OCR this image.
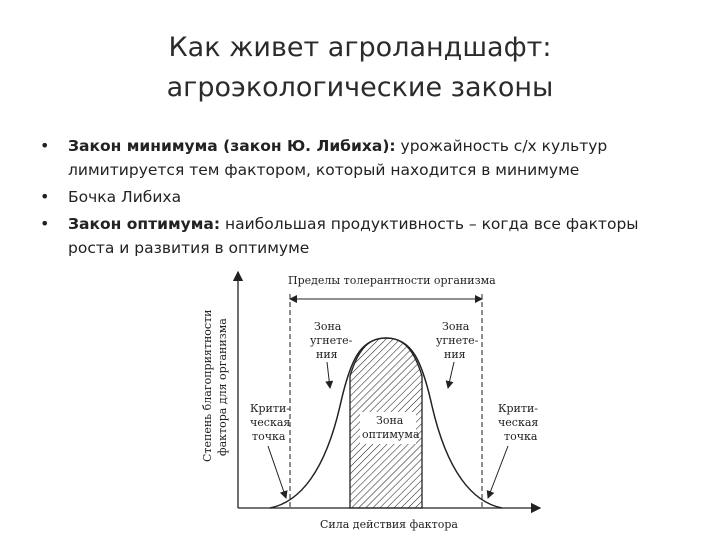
Как живет агроландшафт:
агроэкологические законы
• Закон минимума (закон Ю. Либиха): урожайность с/х культур лимитируется тем фактором, который находится в минимуме
• Бочка Либиха
• Закон оптимума: наибольшая продуктивность – когда все факторы роста и развития в оптимуме
Степень благоприятности фактора для организма
Пределы толерантности организма
Зона
оптимума
Зона
угнете-
ния
Зона
угнете-
ния
Крити-
ческая
точка
Крити-
ческая
точка
Сила действия фактора
